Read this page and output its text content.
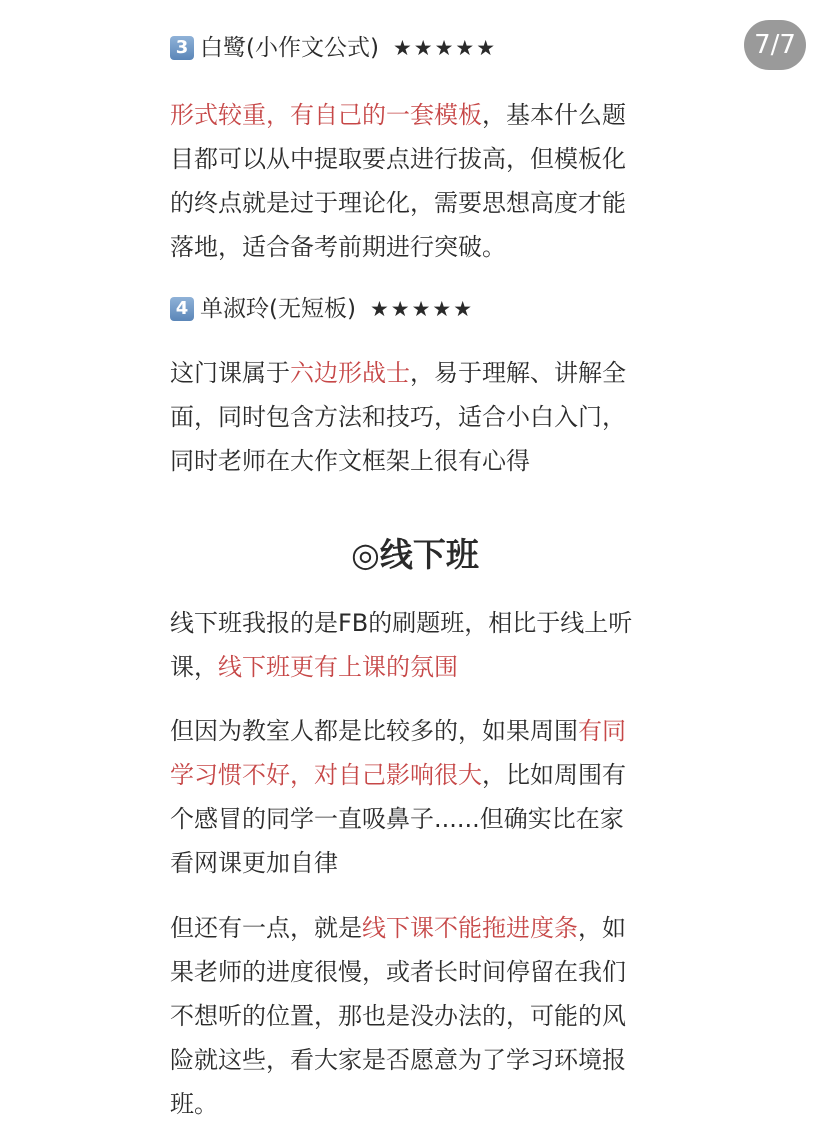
7/7
3 白鹭(小作文公式) ★★★★★

形式较重，有自己的一套模板，基本什么题
目都可以从中提取要点进行拔高，但模板化
的终点就是过于理论化，需要思想高度才能
落地，适合备考前期进行突破。

4 单淑玲(无短板) ★★★★★

这门课属于六边形战士，易于理解、讲解全
面，同时包含方法和技巧，适合小白入门，
同时老师在大作文框架上很有心得

◎线下班

线下班我报的是FB的刷题班，相比于线上听
课，线下班更有上课的氛围

但因为教室人都是比较多的，如果周围有同
学习惯不好，对自己影响很大，比如周围有
个感冒的同学一直吸鼻子......但确实比在家
看网课更加自律

但还有一点，就是线下课不能拖进度条，如
果老师的进度很慢，或者长时间停留在我们
不想听的位置，那也是没办法的，可能的风
险就这些，看大家是否愿意为了学习环境报
班。
